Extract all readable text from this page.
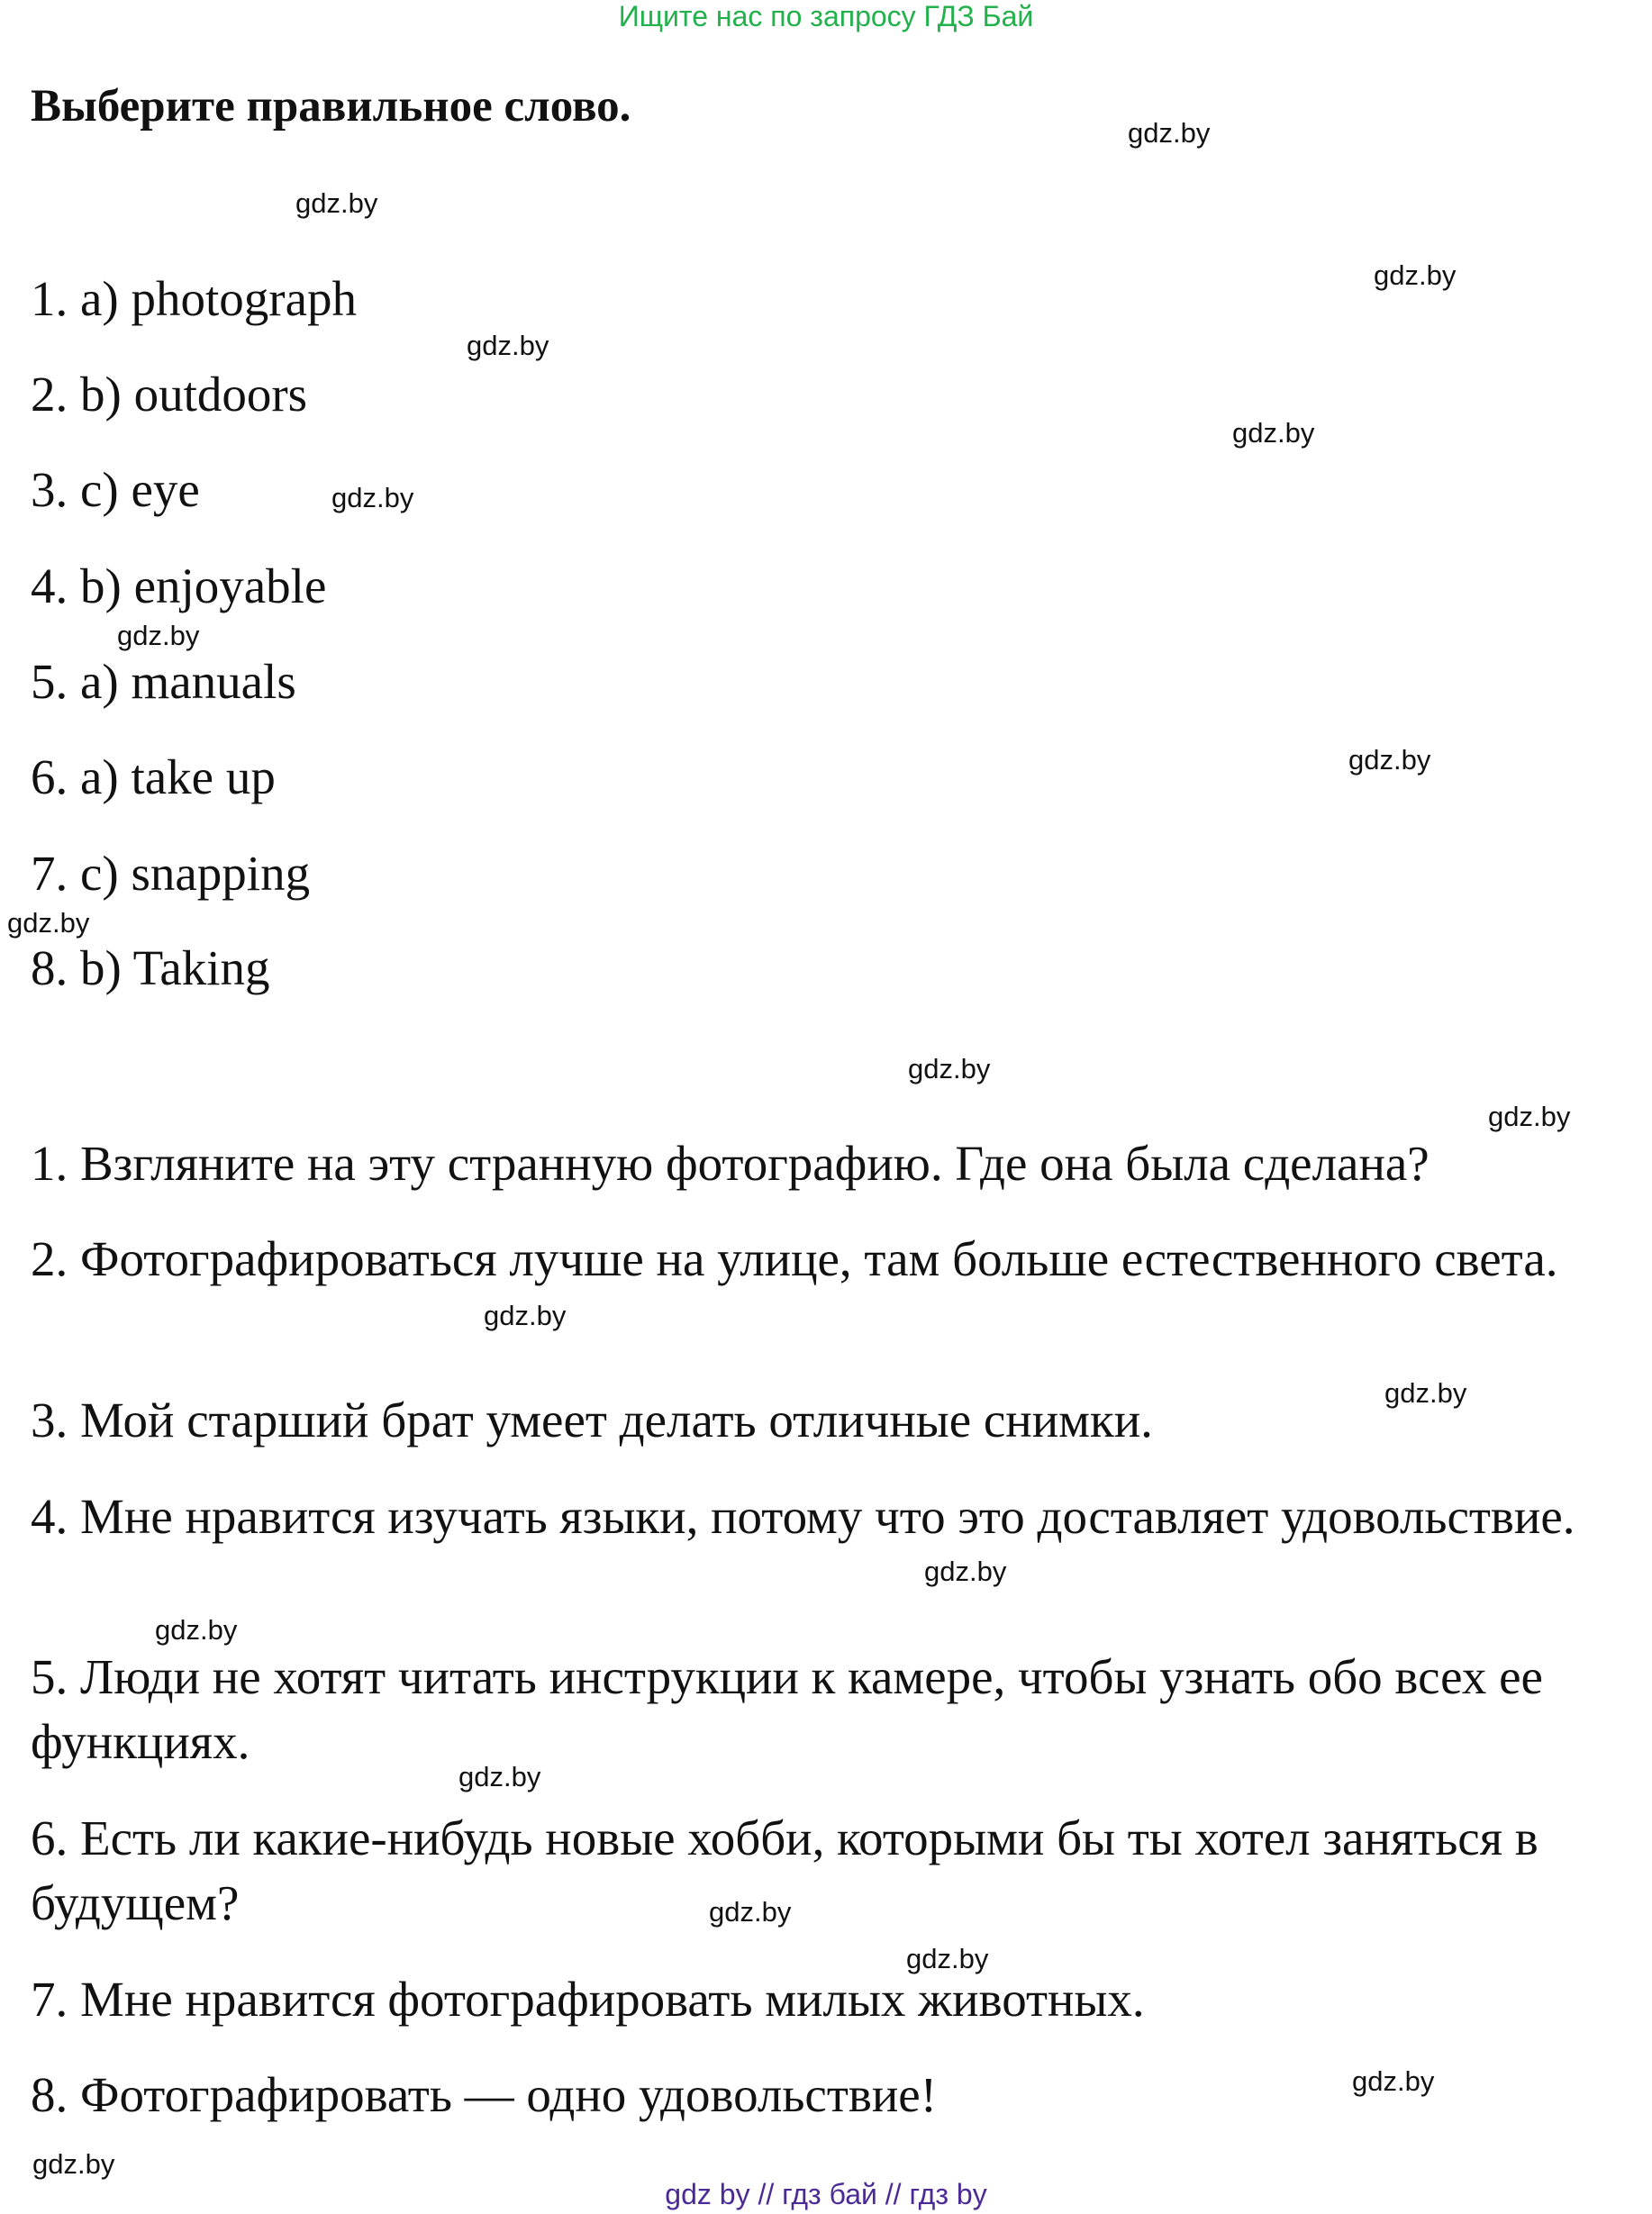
Ищите нас по запросу ГДЗ Бай
Выберите правильное слово.
1. a) photograph
2. b) outdoors
3. c) eye
4. b) enjoyable
5. a) manuals
6. a) take up
7. c) snapping
8. b) Taking
1. Взгляните на эту странную фотографию. Где она была сделана?
2. Фотографироваться лучше на улице, там больше естественного света.
3. Мой старший брат умеет делать отличные снимки.
4. Мне нравится изучать языки, потому что это доставляет удовольствие.
5. Люди не хотят читать инструкции к камере, чтобы узнать обо всех ее функциях.
6. Есть ли какие-нибудь новые хобби, которыми бы ты хотел заняться в будущем?
7. Мне нравится фотографировать милых животных.
8. Фотографировать — одно удовольствие!
gdz.by
gdz.by
gdz.by
gdz.by
gdz.by
gdz.by
gdz.by
gdz.by
gdz.by
gdz.by
gdz.by
gdz.by
gdz.by
gdz.by
gdz.by
gdz.by
gdz.by
gdz.by
gdz.by
gdz.by
gdz by // гдз бай // гдз by
